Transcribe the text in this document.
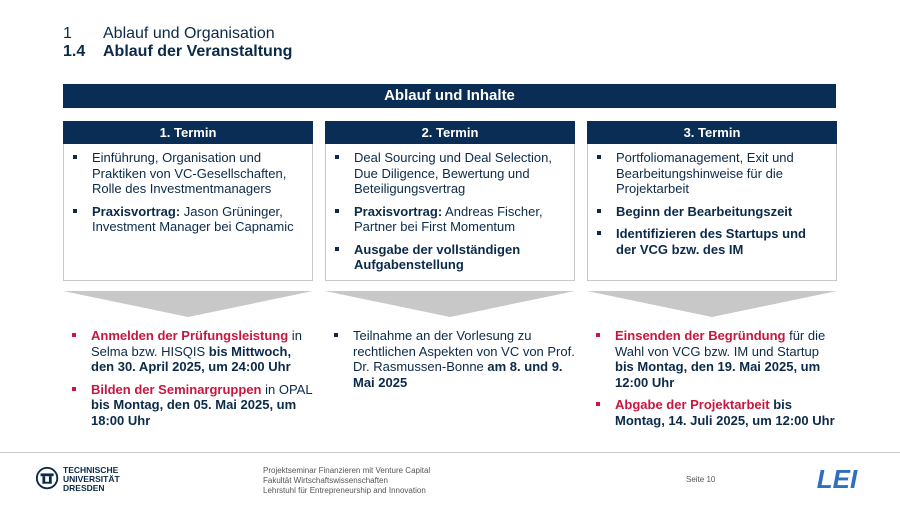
1 Ablauf und Organisation
1.4 Ablauf der Veranstaltung
Ablauf und Inhalte
1. Termin	2. Termin	3. Termin
Einführung, Organisation und Praktiken von VC-Gesellschaften, Rolle des Investmentmanagers
Praxisvortrag: Jason Grüninger, Investment Manager bei Capnamic
Deal Sourcing und Deal Selection, Due Diligence, Bewertung und Beteiligungsvertrag
Praxisvortrag: Andreas Fischer, Partner bei First Momentum
Ausgabe der vollständigen Aufgabenstellung
Portfoliomanagement, Exit und Bearbeitungshinweise für die Projektarbeit
Beginn der Bearbeitungszeit
Identifizieren des Startups und der VCG bzw. des IM
Anmelden der Prüfungsleistung in Selma bzw. HISQIS bis Mittwoch, den 30. April 2025, um 24:00 Uhr
Bilden der Seminargruppen in OPAL bis Montag, den 05. Mai 2025, um 18:00 Uhr
Teilnahme an der Vorlesung zu rechtlichen Aspekten von VC von Prof. Dr. Rasmussen-Bonne am 8. und 9. Mai 2025
Einsenden der Begründung für die Wahl von VCG bzw. IM und Startup bis Montag, den 19. Mai 2025, um 12:00 Uhr
Abgabe der Projektarbeit bis Montag, 14. Juli 2025, um 12:00 Uhr
TECHNISCHE
UNIVERSITÄT
DRESDEN
Projektseminar Finanzieren mit Venture Capital
Fakultät Wirtschaftswissenschaften
Lehrstuhl für Entrepreneurship and Innovation
Seite 10	LEI
